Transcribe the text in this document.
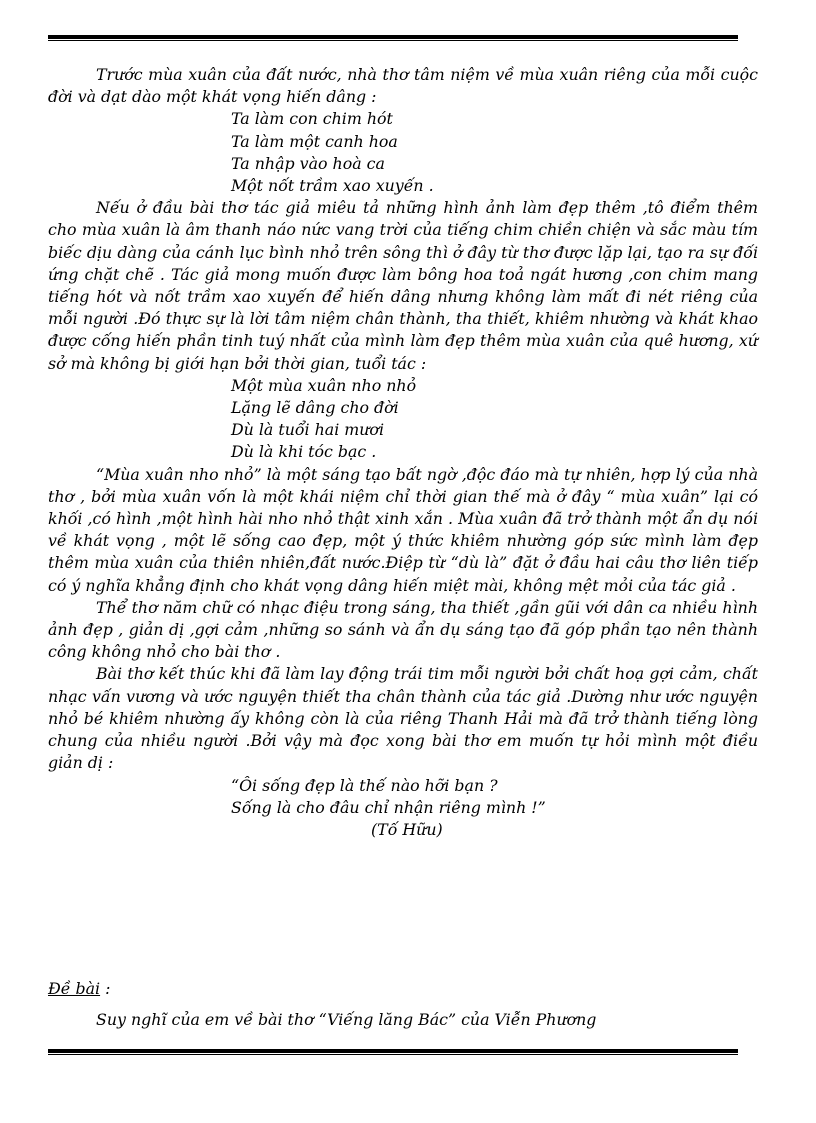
Trước mùa xuân của đất nước, nhà thơ tâm niệm về mùa xuân riêng của mỗi cuộc đời và dạt dào một khát vọng hiến dâng :

Ta làm con chim hót

Ta làm một canh hoa

Ta nhập vào hoà ca

Một nốt trầm xao xuyến .

Nếu ở đầu bài thơ tác giả miêu tả những hình ảnh làm đẹp thêm ,tô điểm thêm cho mùa xuân là âm thanh náo nức vang trời của tiếng chim chiền chiện và sắc màu tím biếc dịu dàng của cánh lục bình nhỏ trên sông thì ở đây từ thơ được lặp lại, tạo ra sự đối ứng chặt chẽ . Tác giả mong muốn được làm bông hoa toả ngát hương ,con chim mang tiếng hót và nốt trầm xao xuyến để hiến dâng nhưng không làm mất đi nét riêng của mỗi người .Đó thực sự là lời tâm niệm chân thành, tha thiết, khiêm nhường và khát khao được cống hiến phần tinh tuý nhất của mình làm đẹp thêm mùa xuân của quê hương, xứ sở mà không bị giới hạn bởi thời gian, tuổi tác :

Một mùa xuân nho nhỏ

Lặng lẽ dâng cho đời

Dù là tuổi hai mươi

Dù là khi tóc bạc .

“Mùa xuân nho nhỏ” là một sáng tạo bất ngờ ,độc đáo mà tự nhiên, hợp lý của nhà thơ , bởi mùa xuân vốn là một khái niệm chỉ thời gian thế mà ở đây “ mùa xuân” lại có khối ,có hình ,một hình hài nho nhỏ thật xinh xắn . Mùa xuân đã trở thành một ẩn dụ nói về khát vọng , một lẽ sống cao đẹp, một ý thức khiêm nhường góp sức mình làm đẹp thêm mùa xuân của thiên nhiên,đất nước.Điệp từ “dù là” đặt ở đầu hai câu thơ liên tiếp có ý nghĩa khẳng định cho khát vọng dâng hiến miệt mài, không mệt mỏi của tác giả .

Thể thơ năm chữ có nhạc điệu trong sáng, tha thiết ,gần gũi với dân ca nhiều hình ảnh đẹp , giản dị ,gợi cảm ,những so sánh và ẩn dụ sáng tạo đã góp phần tạo nên thành công không nhỏ cho bài thơ .

Bài thơ kết thúc khi đã làm lay động trái tim mỗi người bởi chất hoạ gợi cảm, chất nhạc vấn vương và ước nguyện thiết tha chân thành của tác giả .Dường như ước nguyện nhỏ bé khiêm nhường ấy không còn là của riêng Thanh Hải mà đã trở thành tiếng lòng chung của nhiều người .Bởi vậy mà đọc xong bài thơ em muốn tự hỏi mình một điều giản dị :

“Ôi sống đẹp là thế nào hỡi bạn ?

Sống là cho đâu chỉ nhận riêng mình !”

(Tố Hữu)

Đề bài :

Suy nghĩ của em về bài thơ “Viếng lăng Bác” của Viễn Phương
